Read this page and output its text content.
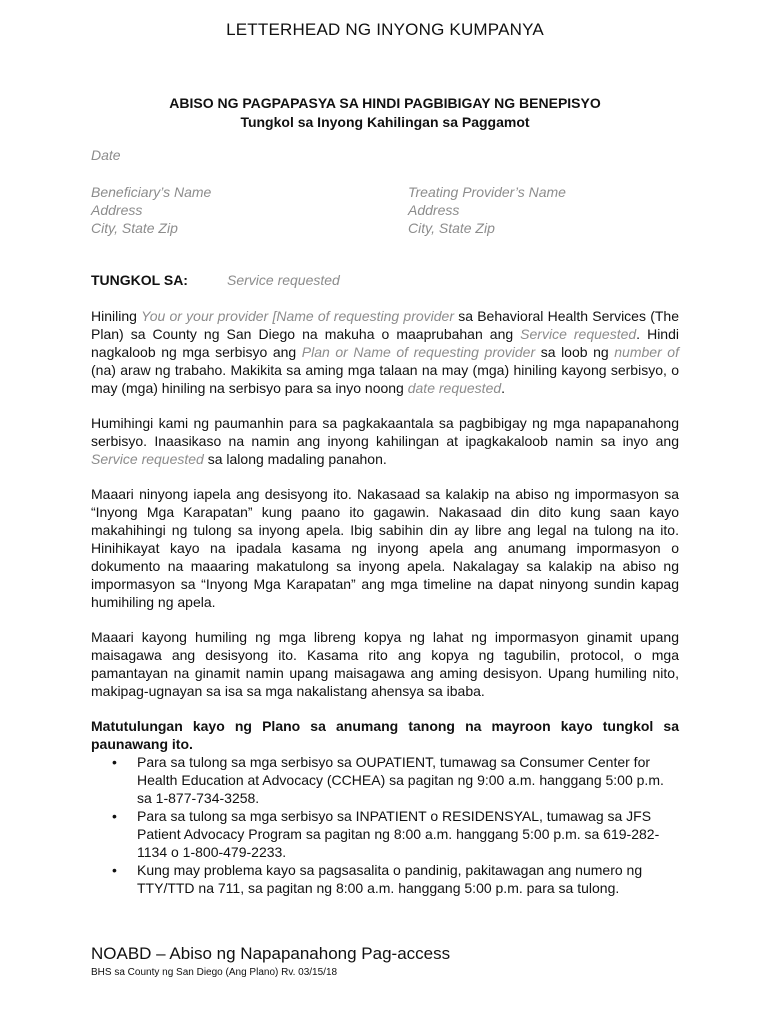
LETTERHEAD NG INYONG KUMPANYA
ABISO NG PAGPAPASYA SA HINDI PAGBIBIGAY NG BENEPISYO
Tungkol sa Inyong Kahilingan sa Paggamot
Date
Beneficiary’s Name
Address
City, State Zip
Treating Provider’s Name
Address
City, State Zip
TUNGKOL SA:	Service requested

Hiniling You or your provider [Name of requesting provider sa Behavioral Health Services (The Plan) sa County ng San Diego na makuha o maaprubahan ang Service requested. Hindi nagkaloob ng mga serbisyo ang Plan or Name of requesting provider sa loob ng number of (na) araw ng trabaho. Makikita sa aming mga talaan na may (mga) hiniling kayong serbisyo, o may (mga) hiniling na serbisyo para sa inyo noong date requested.

Humihingi kami ng paumanhin para sa pagkakaantala sa pagbibigay ng mga napapanahong serbisyo. Inaasikaso na namin ang inyong kahilingan at ipagkakaloob namin sa inyo ang Service requested sa lalong madaling panahon.

Maaari ninyong iapela ang desisyong ito. Nakasaad sa kalakip na abiso ng impormasyon sa “Inyong Mga Karapatan” kung paano ito gagawin. Nakasaad din dito kung saan kayo makahihingi ng tulong sa inyong apela. Ibig sabihin din ay libre ang legal na tulong na ito. Hinihikayat kayo na ipadala kasama ng inyong apela ang anumang impormasyon o dokumento na maaaring makatulong sa inyong apela. Nakalagay sa kalakip na abiso ng impormasyon sa “Inyong Mga Karapatan” ang mga timeline na dapat ninyong sundin kapag humihiling ng apela.

Maaari kayong humiling ng mga libreng kopya ng lahat ng impormasyon ginamit upang maisagawa ang desisyong ito. Kasama rito ang kopya ng tagubilin, protocol, o mga pamantayan na ginamit namin upang maisagawa ang aming desisyon. Upang humiling nito, makipag-ugnayan sa isa sa mga nakalistang ahensya sa ibaba.

Matutulungan kayo ng Plano sa anumang tanong na mayroon kayo tungkol sa paunawang ito.

• Para sa tulong sa mga serbisyo sa OUPATIENT, tumawag sa Consumer Center for Health Education at Advocacy (CCHEA) sa pagitan ng 9:00 a.m. hanggang 5:00 p.m. sa 1-877-734-3258.
• Para sa tulong sa mga serbisyo sa INPATIENT o RESIDENSYAL, tumawag sa JFS Patient Advocacy Program sa pagitan ng 8:00 a.m. hanggang 5:00 p.m. sa 619-282-1134 o 1-800-479-2233.
• Kung may problema kayo sa pagsasalita o pandinig, pakitawagan ang numero ng TTY/TTD na 711, sa pagitan ng 8:00 a.m. hanggang 5:00 p.m. para sa tulong.
NOABD – Abiso ng Napapanahong Pag-access
BHS sa County ng San Diego (Ang Plano) Rv. 03/15/18
